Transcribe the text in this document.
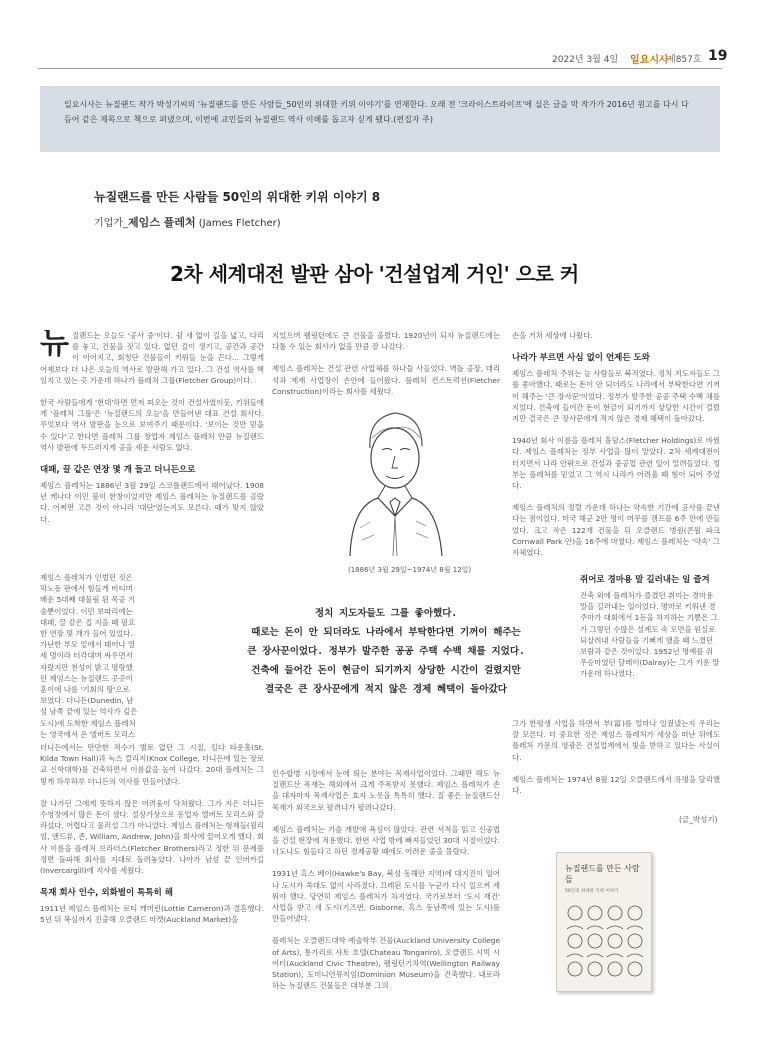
2022년 3월 4일 일요시사
제857호 19
일요시사는 뉴질랜드 작가 박성기씨의 '뉴질랜드를 만든 사람들_50인의 위대한 키위 이야기'를 연재한다. 오래 전 '크라이스트라이프'에 실은 글을 막 작가가 2016년 원고를 다시 다듬어 같은 제목으로 책으로 펴냈으며, 이번에 교민들의 뉴질랜드 역사 이해를 돕고자 싣게 됐다.(편집자 주)
뉴질랜드를 만든 사람들 50인의 위대한 키위 이야기 8
기업가_제임스 플레처 (James Fletcher)
2차 세계대전 발판 삼아 '건설업계 거인' 으로 커

뉴질랜드는 오늘도 '공사 중'이다. 쉼 새 없이 길을 넓고, 다리를 놓고, 건물을 짓고 있다. 없던 길이 생기고, 공간과 공간이 이어지고, 회청단 건물들이 키워들 눈을 끈다... 그렇게 어제보다 더 나은 오늘의 역사로 발판해 가고 있다. 그 건설 역사를 핵임지고 있는 곳 가운데 하나가 플레처 그룹(Fletcher Group)이다.

한국 사람들에게 '현대'하면 먼저 떠오는 것이 건설사였이듯, 키위들에게 '플레처 그룹'은 '뉴질랜드의 오늘'을 만들어낸 대표 건설 회사다. 무엇보다 역사 발판을 눈으로 보여주기 때문이다. '보이는 것만 믿을 수 있다'고 한다면 플레처 그룹 창업자 제임스 플레처 만큼 뉴질랜드 역사 발판에 두드러지게 공을 세운 사람도 없다.

대패, 끌 같은 연장 몇 개 들고 더니든으로

제임스 플레처는 1886년 3월 29일 스코틀랜드에서 태어났다. 1908년 캐나다 이민 붐이 한창이었지만 제임스 플레처는 뉴질랜드를 골랐다. 어쩌면 고른 것이 아니라 '대단'였는지도 모른다. 때가 맞지 않았다.

제임스 플레처가 인벌던 것은 막노동 판에서 힘들게 버티며 배운 5대째 대물림 된 목공 기술뿐이었다. 이민 보따리에는 대패, 끌 같은 집 지을 때 필요한 연장 몇 개가 들어 있었다. 가난한 부모 밑에서 태어나 열세 명이라 터각대며 싸우면서 자랐지만 천성이 밝고 명랑했던 제임스는 뉴질랜드 곳곳이 훈이에 나를 '기회의 땅'으로 보였다. 더니든(Dunedin, 남섬 남쪽 끝에 있는 역사가 깊은 도시)에 도착한 제임스 플레처는 영국에서 온 엘버트 모리스

더니든에서는 만만한 적수가 별로 없던 그 시절, 킬다 타운홀(St. Kilda Town Hall)과 녹스 컬리지(Knox College, 더니든에 있는 장로교 신학대학)를 건축하면서 이름값을 높여 나갔다. 20대 플레처는 그렇게 하루하루 더니든의 역사를 만들어냈다.

잘 나가던 그에게 뜻하지 않은 어려움이 닥쳐왔다. 그가 지은 더니든 수영장에서 많은 돈이 샜다. 설상가상으로 동업자 엘버트 모리스와 갈라섰다. 어렵다고 물러설 그가 아니었다. 제임스 플레처는 형제들(윌리엄, 앤드류, 존, William, Andrew, John)을 회사에 끌어오게 했다. 회사 이름을 플레처 브라더스(Fletcher Brothers)라고 정한 뒤 문제를 정면 돌파해 회사를 지대로 돌려놓았다. 나아가 남섬 끝 인버카길(Invercargill)에 지사를 세웠다.

목재 회사 인수, 외화벌이 톡톡히 해

1911년 제임스 플레처는 로티 캐머런(Lottie Cameron)과 결혼했다. 5년 뒤 복심까지 진출해 오클랜드 마켓(Auckland Market)을

지었으며 웰링턴에도 큰 건물을 올렸다. 1920년이 되자 뉴질랜드에는 다툴 수 있는 회사가 없을 만큼 잘 나갔다.

제임스 플레처는 건설 관련 사업체를 하나둘 사들었다. 벽돌 공장, 대리석과 제재 사업장이 손안에 들어왔다. 플레처 컨스트럭션(Fletcher Construction)이라는 회사를 세웠다.

(1886년 3월 29일~1974년 8월 12일)
정치 지도자들도 그를 좋아했다.
때로는 돈이 안 되더라도 나라에서 부탁한다면 기꺼이 해주는
큰 장사꾼이었다. 정부가 발주한 공공 주택 수백 채를 지었다.
건축에 들어간 돈이 현금이 되기까지 상당한 시간이 걸렸지만
결국은 큰 장사꾼에게 적지 않은 경제 혜택이 돌아갔다

인수합병 시장에서 눈에 띄는 분야는 목재사업이었다. 그때만 해도 뉴질랜드산 목재는 해외에서 크게 주목받지 못했다. 제임스 플레처가 손을 대자마자 목재사업은 효자 노릇을 톡톡히 했다. 질 좋은 뉴질랜드산 목재가 외국으로 팔려나가 팔려나갔다.

제임스 플레처는 기술 개발에 욕심이 많았다. 관련 서적을 읽고 신공법을 건설 현장에 적용했다. 한번 사업 밖에 빠져들었던 30대 시절이었다. 너도나도 힘들다고 하던 경제공황 때에도 어려운 줄을 몰랐다.

1931년 혹스 베이(Hawke's Bay, 북섬 동해안 지역)에 대지진이 일어나 도시가 쑥대도 없이 사라졌다. 끄레된 도시를 누군가 다시 일으켜 세워야 했다. 당연히 제임스 플레처가 차지였다. 국가로부터 '도시 재건' 사업을 받고 새 도시(기즈번, Gisborne, 혹스 동남쪽에 있는 도시)를 만들어냈다.

플레처는 오클랜드대학 예술학부 건물(Auckland University College of Arts), 통가리로 샤토 호텔(Chateau Tongariro), 오클랜드 시빅 시어터(Auckland Civic Theatre), 웰링턴기차역(Wellington Railway Station), 도미니언뮤지엄(Dominion Museum)을 건축했다. 내로라하는 뉴질랜드 건물들은 대부분 그의

손을 거쳐 세상에 나왔다.

나라가 부르면 사심 없이 언제든 도와

제임스 플레처 주위는 늘 사람들로 북적였다. 정치 지도자들도 그를 좋아했다. 때로는 돈이 안 되더라도 나라에서 부탁한다면 기꺼이 해주는 '큰 장사꾼'이었다. 정부가 발주한 공공 주택 수백 채를 지었다. 건축에 들어간 돈이 현금이 되기까지 상당한 시간이 걸렸지만 결국은 큰 장사꾼에게 적지 않은 경제 혜택이 돌아갔다.

1940년 회사 이름을 플레처 홀딩스(Fletcher Holdings)로 바꿨다. 제임스 플레처는 정부 사업을 많이 맡았다. 2차 세계대전이 터지면서 나라 안팎으로 건설과 중공업 관련 일이 밀려들었다. 정부는 플레처를 믿었고 그 역시 나라가 어려울 때 힘이 되어 주었다.

제임스 플레처의 정렬 가운데 하나는 약속한 기간에 공사를 끝낸다는 점이었다. 미국 해군 2만 명이 머무를 캠프를 6주 만에 만들었다. 크고 작은 122개 건물을 뒤 오클랜드 병원(콘월 파크 Cornwall Park 안)을 16주에 마쳤다. 제임스 플레처는 '약속' 그 자체였다.

쥐어로 경마용 말 길러내는 일 즐겨

건축 외에 플레처가 즐겼던 취미는 경마용 말을 길러내는 일이었다. 명마로 키워낸 경주마가 대회에서 1등을 차지하는 기쁨은 그가 그렇던 수많은 설계도 속 모먼을 원실로 되살려내 사람들을 기뻐게 했을 때 느꼈던 보람과 같은 것이었다. 1952년 명예를 쥐 우승마였던 달레이(Dalray)는 그가 키운 말 가운데 하나였다.

그가 한평생 사업을 하면서 부(富)를 얼마나 일궜냈는지 우리는 잘 모른다. 더 중요한 것은 제임스 플레처가 세상을 떠난 뒤에도 플레처 가문의 영광은 건설업계에서 빛을 받하고 있다는 사실이다.

제임스 플레처는 1974년 8월 12일 오클랜드에서 유명을 달리했다.

(글_박성기)
뉴질랜드를 만든 사람들
50인의 위대한 키위 이야기
